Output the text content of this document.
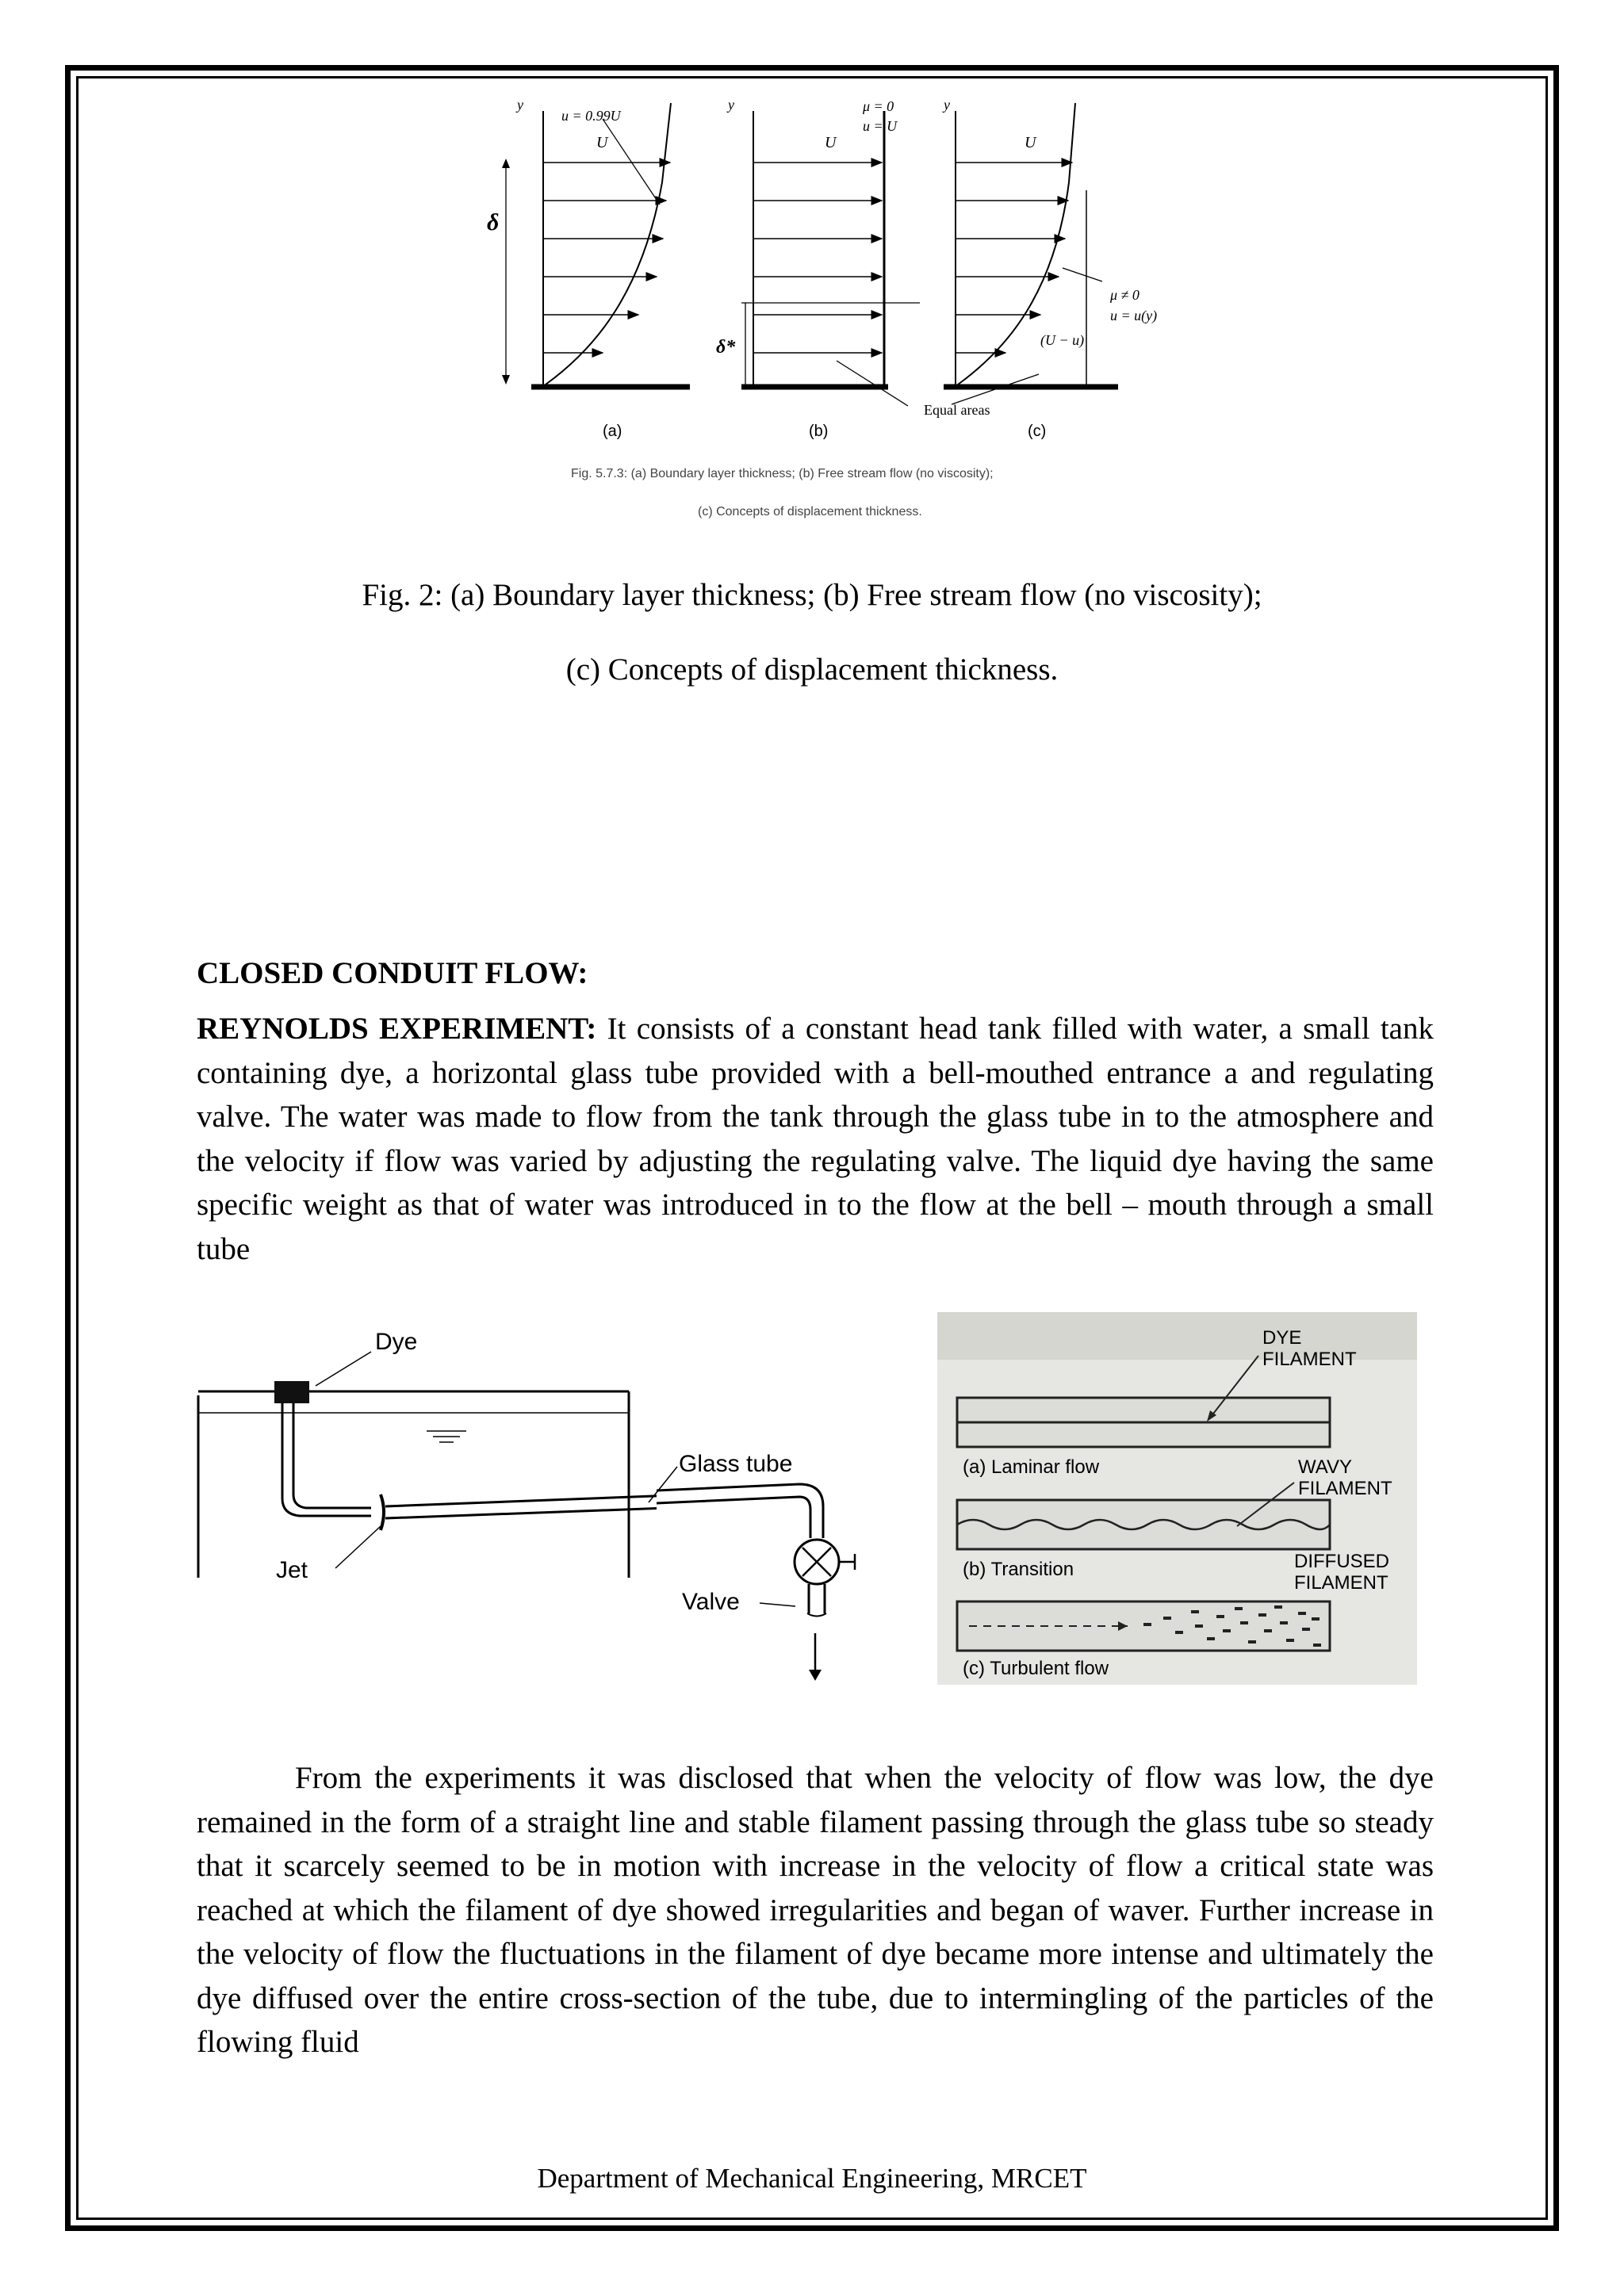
y
u = 0.99U
U
δ
(a)
y	μ = 0
u = U
U
δ*
(b)
y
U
μ ≠ 0
u = u(y)
(U − u)
Equal areas
(c)
Fig. 5.7.3: (a) Boundary layer thickness; (b) Free stream flow (no viscosity);
(c) Concepts of displacement thickness.
Fig. 2: (a) Boundary layer thickness; (b) Free stream flow (no viscosity);
(c) Concepts of displacement thickness.
CLOSED CONDUIT FLOW:
REYNOLDS EXPERIMENT: It consists of a constant head tank filled with water, a small tank containing dye, a horizontal glass tube provided with a bell-mouthed entrance a and regulating valve. The water was made to flow from the tank through the glass tube in to the atmosphere and the velocity if flow was varied by adjusting the regulating valve. The liquid dye having the same specific weight as that of water was introduced in to the flow at the bell – mouth through a small tube
Dye
Jet
Glass tube
Valve
DYE
FILAMENT
(a) Laminar flow	WAVY
FILAMENT
(b) Transition	DIFFUSED
FILAMENT
(c) Turbulent flow
From the experiments it was disclosed that when the velocity of flow was low, the dye remained in the form of a straight line and stable filament passing through the glass tube so steady that it scarcely seemed to be in motion with increase in the velocity of flow a critical state was reached at which the filament of dye showed irregularities and began of waver. Further increase in the velocity of flow the fluctuations in the filament of dye became more intense and ultimately the dye diffused over the entire cross-section of the tube, due to intermingling of the particles of the flowing fluid
Department of Mechanical Engineering, MRCET
